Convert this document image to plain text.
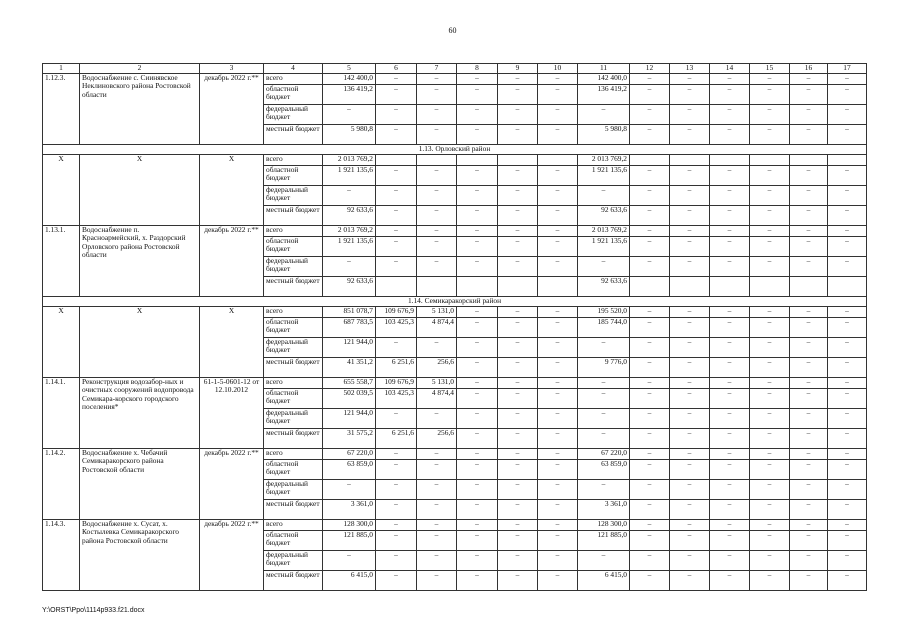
60
1	2	3	4	5	6	7	8	9	10	11	12	13	14	15	16	17
1.12.3.	Водоснабжение с. Сиинявское Неклиновского района Ростовской области	декабрь 2022 г.**	всего	142 400,0	–	–	–	–	–	142 400,0	–	–	–	–	–	–
			областной бюджет	136 419,2	–	–	–	–	–	136 419,2	–	–	–	–	–	–
			федеральный бюджет	–	–	–	–	–	–	–	–	–	–	–	–	–
			местный бюджет	5 980,8	–	–	–	–	–	5 980,8	–	–	–	–	–	–
1.13. Орловский район																
Х	Х	Х	всего	2 013 769,2						2 013 769,2						
			областной бюджет	1 921 135,6	–	–	–	–	–	1 921 135,6	–	–	–	–	–	–
			федеральный бюджет	–	–	–	–	–	–	–	–	–	–	–	–	–
			местный бюджет	92 633,6	–	–	–	–	–	92 633,6	–	–	–	–	–	–
1.13.1.	Водоснабжение п. Красноармейский, х. Раздорский Орловского района Ростовской области	декабрь 2022 г.**	всего	2 013 769,2	–	–	–	–	–	2 013 769,2	–	–	–	–	–	–
			областной бюджет	1 921 135,6	–	–	–	–	–	1 921 135,6	–	–	–	–	–	–
			федеральный бюджет	–	–	–	–	–	–	–	–	–	–	–	–	–
			местный бюджет	92 633,6						92 633,6						
1.14. Семикаракорский район																
Х	Х	Х	всего	851 078,7	109 676,9	5 131,0	–	–	–	195 520,0	–	–	–	–	–	–
			областной бюджет	687 783,5	103 425,3	4 874,4	–	–	–	185 744,0	–	–	–	–	–	–
			федеральный бюджет	121 944,0	–	–	–	–	–	–	–	–	–	–	–	–
			местный бюджет	41 351,2	6 251,6	256,6	–	–	–	9 776,0	–	–	–	–	–	–
1.14.1.	Реконструкция водозабор-ных и очистных сооружений водопровода Семикара-корского городского поселения*	61-1-5-0601-12 от 12.10.2012	всего	655 558,7	109 676,9	5 131,0	–	–	–	–	–	–	–	–	–	–
			областной бюджет	502 039,5	103 425,3	4 874,4	–	–	–	–	–	–	–	–	–	–
			федеральный бюджет	121 944,0	–	–	–	–	–	–	–	–	–	–	–	–
			местный бюджет	31 575,2	6 251,6	256,6	–	–	–	–	–	–	–	–	–	–
1.14.2.	Водоснабжение х. Чебачий Семикаракорского района Ростовской области	декабрь 2022 г.**	всего	67 220,0	–	–	–	–	–	67 220,0	–	–	–	–	–	–
			областной бюджет	63 859,0	–	–	–	–	–	63 859,0	–	–	–	–	–	–
			федеральный бюджет	–	–	–	–	–	–	–	–	–	–	–	–	–
			местный бюджет	3 361,0	–	–	–	–	–	3 361,0	–	–	–	–	–	–
1.14.3.	Водоснабжение х. Сусат, х. Костылевка Семикаракорского района Ростовской области	декабрь 2022 г.**	всего	128 300,0	–	–	–	–	–	128 300,0	–	–	–	–	–	–
			областной бюджет	121 885,0	–	–	–	–	–	121 885,0	–	–	–	–	–	–
			федеральный бюджет	–	–	–	–	–	–	–	–	–	–	–	–	–
			местный бюджет	6 415,0	–	–	–	–	–	6 415,0	–	–	–	–	–	–
Y:\ORST\Ppo\1114p933.f21.docx
